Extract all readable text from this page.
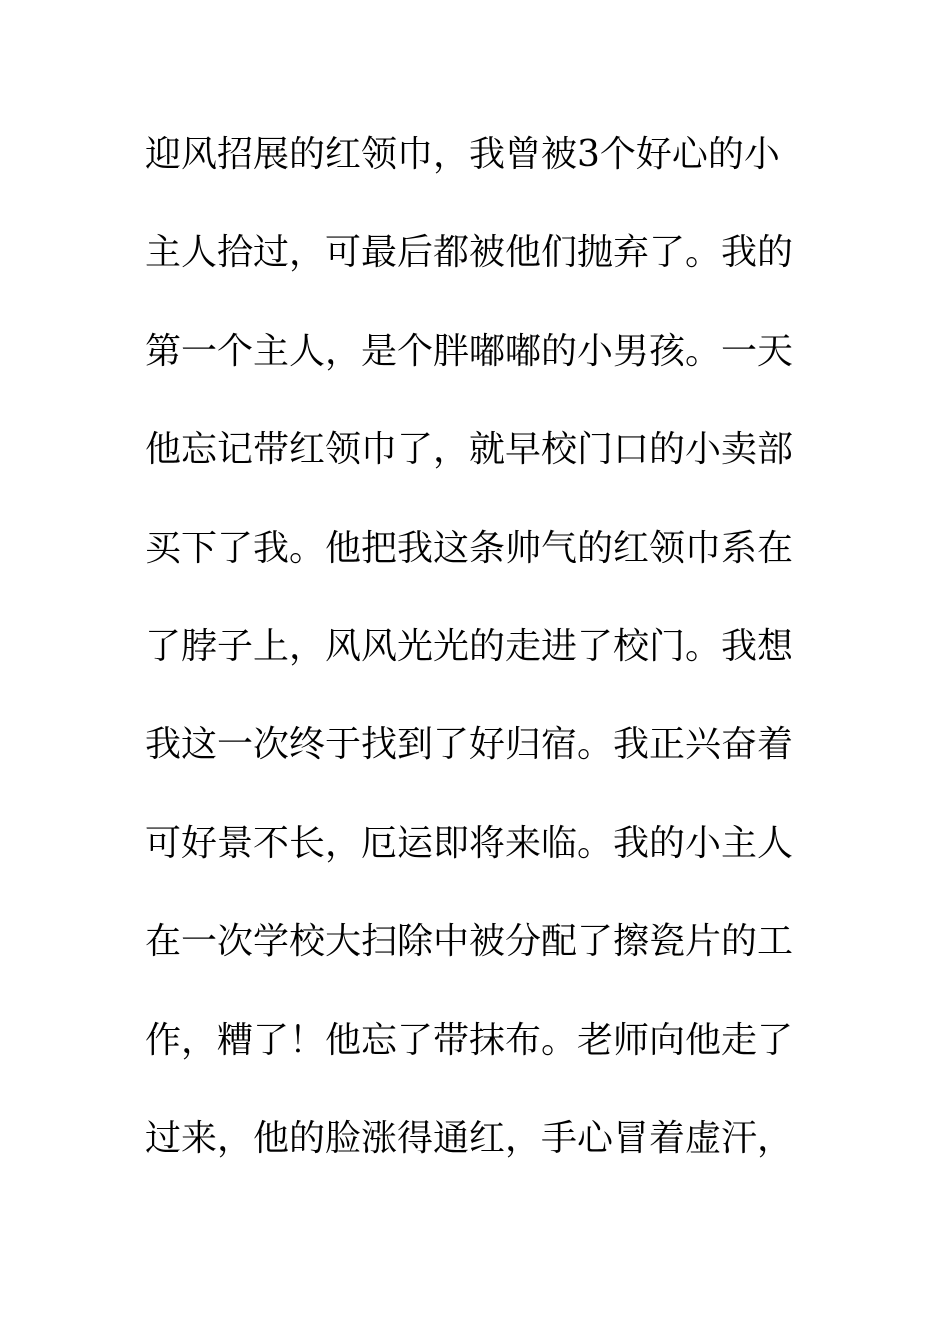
迎风招展的红领巾，我曾被3个好心的小
主人拾过，可最后都被他们抛弃了。我的
第一个主人，是个胖嘟嘟的小男孩。一天
他忘记带红领巾了，就早校门口的小卖部
买下了我。他把我这条帅气的红领巾系在
了脖子上，风风光光的走进了校门。我想
我这一次终于找到了好归宿。我正兴奋着
可好景不长，厄运即将来临。我的小主人
在一次学校大扫除中被分配了擦瓷片的工
作，糟了！他忘了带抹布。老师向他走了
过来，他的脸涨得通红，手心冒着虚汗，
